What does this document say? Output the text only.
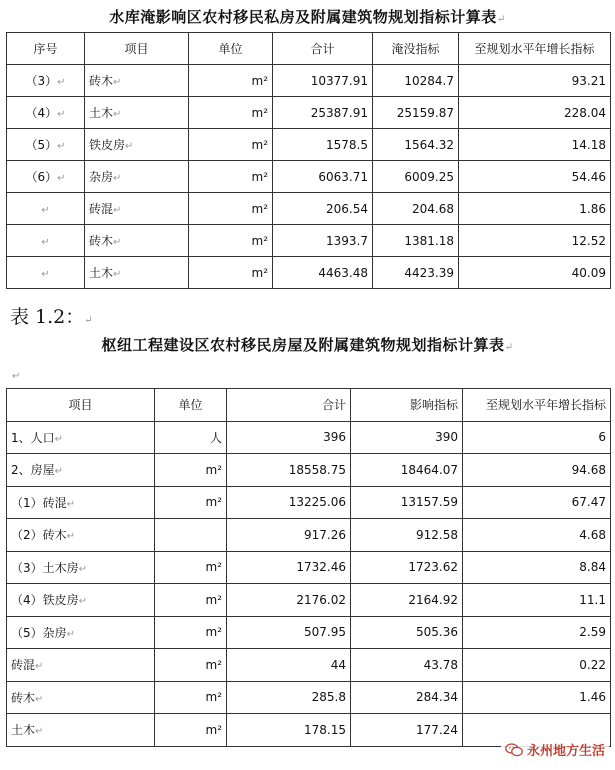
水库淹影响区农村移民私房及附属建筑物规划指标计算表↵
序号	项目	单位	合计	淹没指标	至规划水平年增长指标
（3）↵	砖木↵	m²	10377.91	10284.7	93.21
（4）↵	土木↵	m²	25387.91	25159.87	228.04
（5）↵	铁皮房↵	m²	1578.5	1564.32	14.18
（6）↵	杂房↵	m²	6063.71	6009.25	54.46
↵	砖混↵	m²	206.54	204.68	1.86
↵	砖木↵	m²	1393.7	1381.18	12.52
↵	土木↵	m²	4463.48	4423.39	40.09
表 1.2：↵
枢纽工程建设区农村移民房屋及附属建筑物规划指标计算表↵
↵
项目	单位	合计	影响指标	至规划水平年增长指标
1、人口↵	人	396	390	6
2、房屋↵	m²	18558.75	18464.07	94.68
（1）砖混↵	m²	13225.06	13157.59	67.47
（2）砖木↵		917.26	912.58	4.68
（3）土木房↵	m²	1732.46	1723.62	8.84
（4）铁皮房↵	m²	2176.02	2164.92	11.1
（5）杂房↵	m²	507.95	505.36	2.59
砖混↵	m²	44	43.78	0.22
砖木↵	m²	285.8	284.34	1.46
土木↵	m²	178.15	177.24	
永州地方生活
